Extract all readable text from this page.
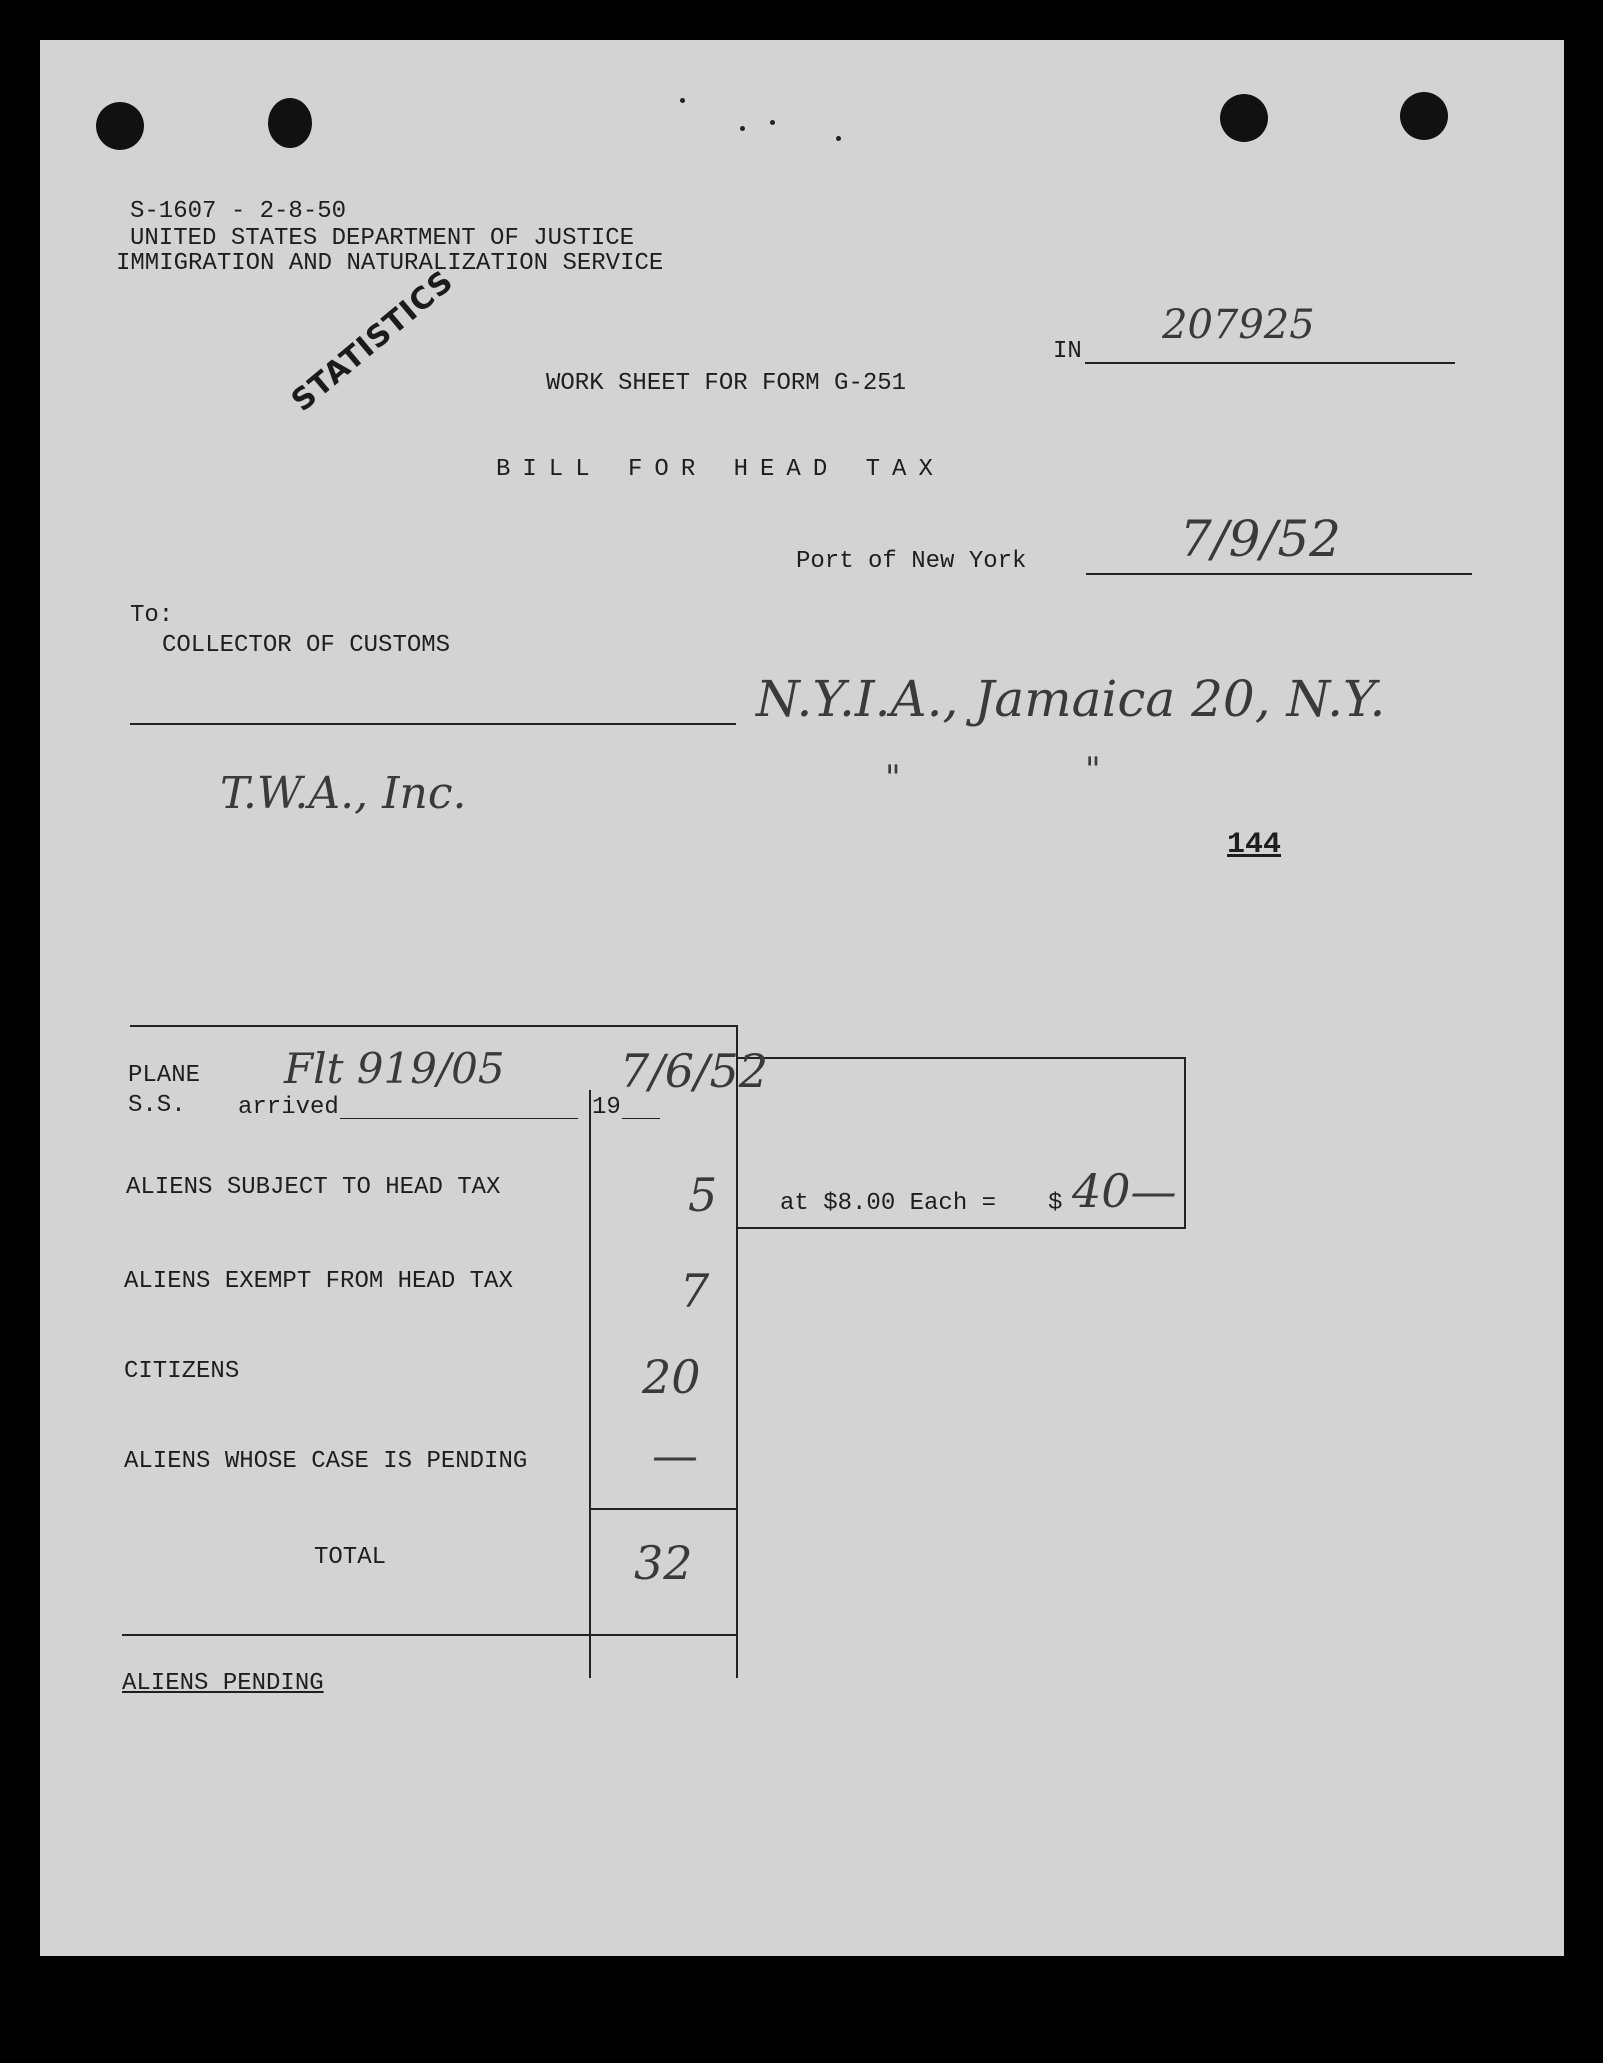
S-1607 - 2-8-50
UNITED STATES DEPARTMENT OF JUSTICE
IMMIGRATION AND NATURALIZATION SERVICE
STATISTICS	IN
207925
WORK SHEET FOR FORM G-251
BILL FOR HEAD TAX
Port of New York	7/9/52
To:
COLLECTOR OF CUSTOMS
N.Y.I.A., Jamaica 20, N.Y.
"	"
T.W.A., Inc.
144
PLANE
S.S. arrived	19
Flt 919/05	7/6/52
ALIENS SUBJECT TO HEAD TAX	5	at $8.00 Each = $ 40—
ALIENS EXEMPT FROM HEAD TAX	7
CITIZENS	20
ALIENS WHOSE CASE IS PENDING	—
TOTAL	32
ALIENS PENDING
